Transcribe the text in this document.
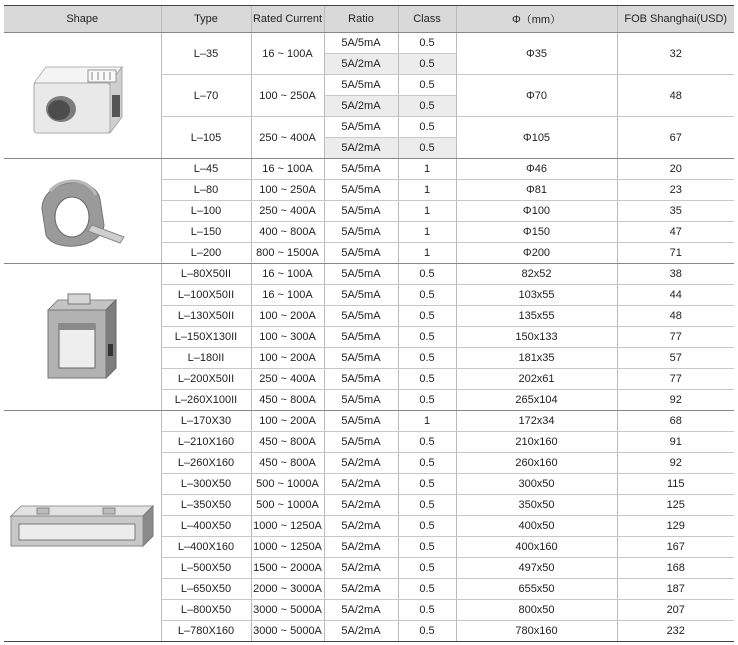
Shape	Type	Rated Current	Ratio	Class	Φ（mm）	FOB Shanghai(USD)

	L–35	16 ~ 100A	5A/5mA	0.5	Φ35	32
			5A/2mA	0.5		
	L–70	100 ~ 250A	5A/5mA	0.5	Φ70	48
			5A/2mA	0.5		
	L–105	250 ~ 400A	5A/5mA	0.5	Φ105	67
			5A/2mA	0.5		

	L–45	16 ~ 100A	5A/5mA	1	Φ46	20
	L–80	100 ~ 250A	5A/5mA	1	Φ81	23
	L–100	250 ~ 400A	5A/5mA	1	Φ100	35
	L–150	400 ~ 800A	5A/5mA	1	Φ150	47
	L–200	800 ~ 1500A	5A/5mA	1	Φ200	71

	L–80X50II	16 ~ 100A	5A/5mA	0.5	82x52	38
	L–100X50II	16 ~ 100A	5A/5mA	0.5	103x55	44
	L–130X50II	100 ~ 200A	5A/5mA	0.5	135x55	48
	L–150X130II	100 ~ 300A	5A/5mA	0.5	150x133	77
	L–180II	100 ~ 200A	5A/5mA	0.5	181x35	57
	L–200X50II	250 ~ 400A	5A/5mA	0.5	202x61	77
	L–260X100II	450 ~ 800A	5A/5mA	0.5	265x104	92

	L–170X30	100 ~ 200A	5A/5mA	1	172x34	68
	L–210X160	450 ~ 800A	5A/5mA	0.5	210x160	91
	L–260X160	450 ~ 800A	5A/2mA	0.5	260x160	92
	L–300X50	500 ~ 1000A	5A/2mA	0.5	300x50	115
	L–350X50	500 ~ 1000A	5A/2mA	0.5	350x50	125
	L–400X50	1000 ~ 1250A	5A/2mA	0.5	400x50	129
	L–400X160	1000 ~ 1250A	5A/2mA	0.5	400x160	167
	L–500X50	1500 ~ 2000A	5A/2mA	0.5	497x50	168
	L–650X50	2000 ~ 3000A	5A/2mA	0.5	655x50	187
	L–800X50	3000 ~ 5000A	5A/2mA	0.5	800x50	207
	L–780X160	3000 ~ 5000A	5A/2mA	0.5	780x160	232
